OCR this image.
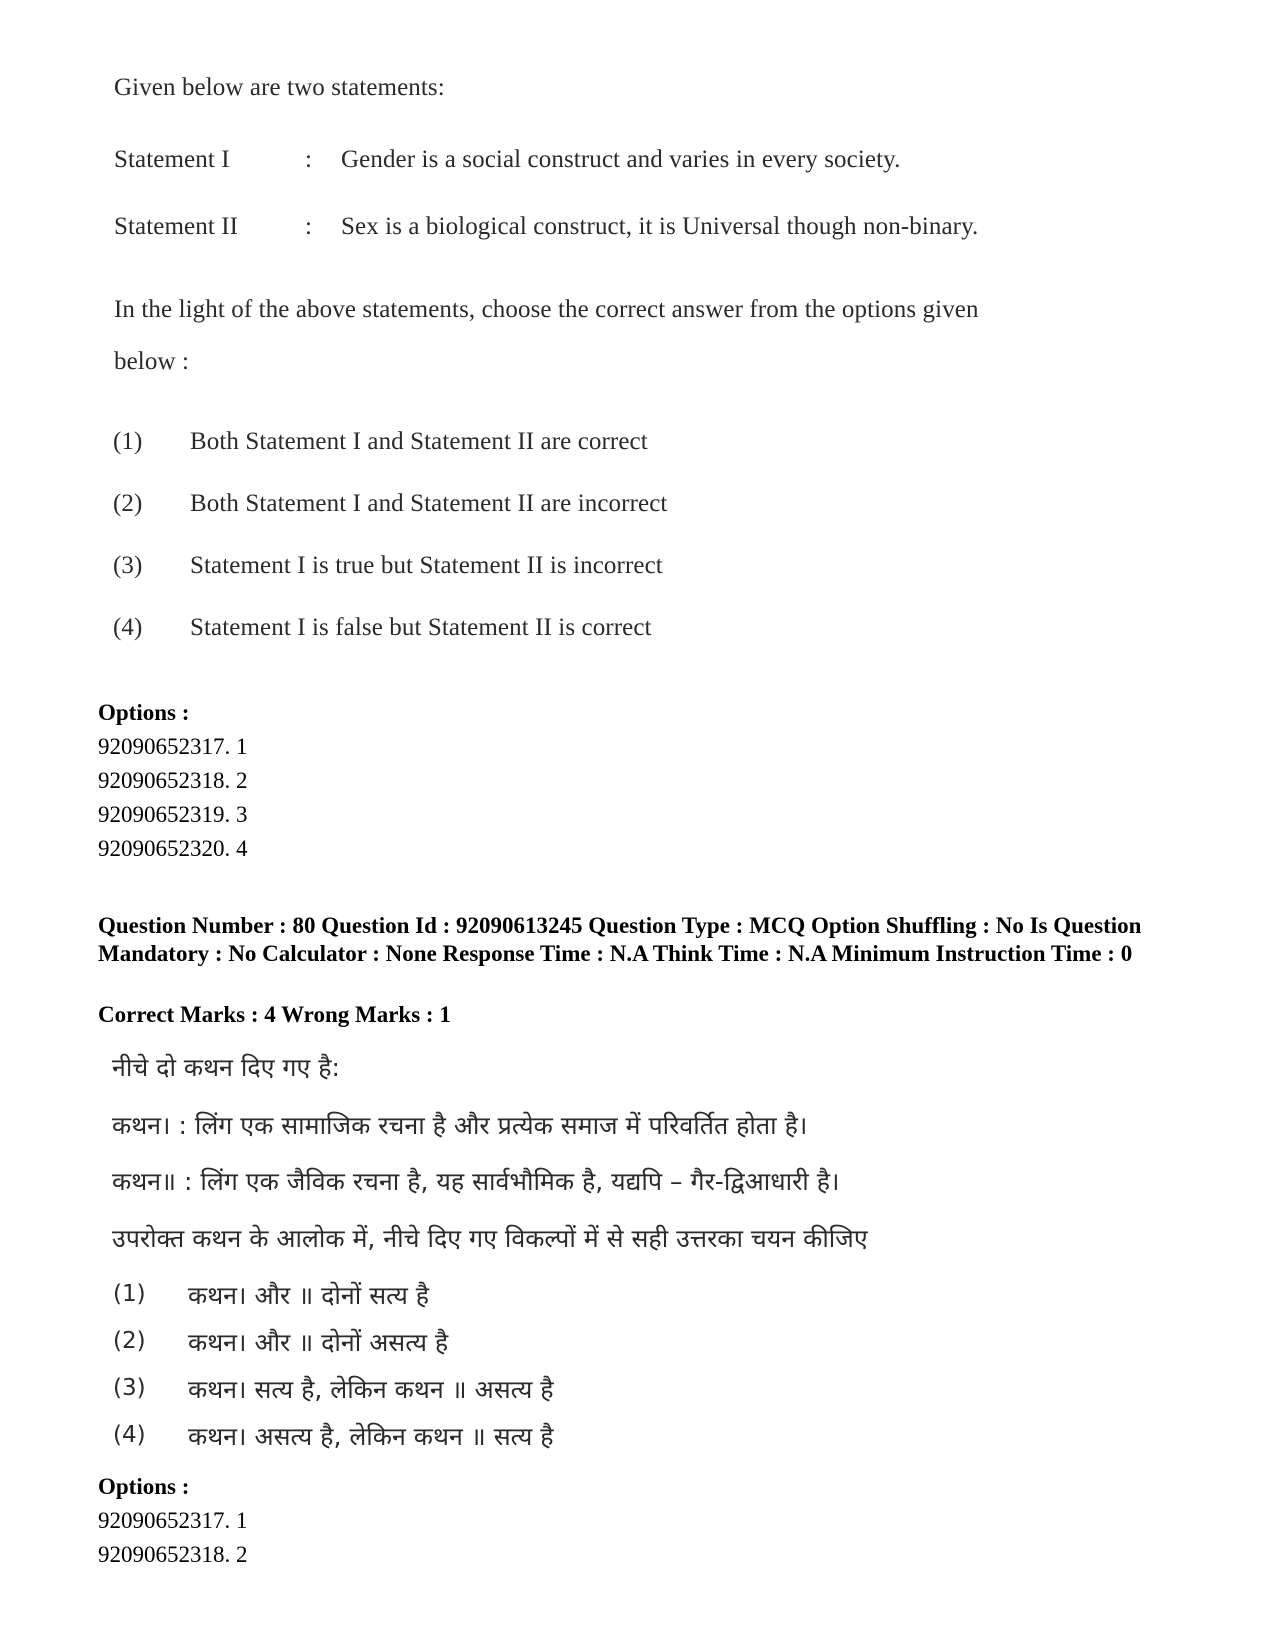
Given below are two statements:
Statement I	: Gender is a social construct and varies in every society.
Statement II	: Sex is a biological construct, it is Universal though non-binary.
In the light of the above statements, choose the correct answer from the options given
below :
(1) Both Statement I and Statement II are correct
(2) Both Statement I and Statement II are incorrect
(3) Statement I is true but Statement II is incorrect
(4) Statement I is false but Statement II is correct
Options :
92090652317. 1
92090652318. 2
92090652319. 3
92090652320. 4
Question Number : 80 Question Id : 92090613245 Question Type : MCQ Option Shuffling : No Is Question Mandatory : No Calculator : None Response Time : N.A Think Time : N.A Minimum Instruction Time : 0
Correct Marks : 4 Wrong Marks : 1
नीचे दो कथन दिए गए है:
कथन। : लिंग एक सामाजिक रचना है और प्रत्येक समाज में परिवर्तित होता है।
कथन॥ : लिंग एक जैविक रचना है, यह सार्वभौमिक है, यद्यपि – गैर-द्विआधारी है।
उपरोक्त कथन के आलोक में, नीचे दिए गए विकल्पों में से सही उत्तरका चयन कीजिए
(1) कथन। और ॥ दोनों सत्य है
(2) कथन। और ॥ दोनों असत्य है
(3) कथन। सत्य है, लेकिन कथन ॥ असत्य है
(4) कथन। असत्य है, लेकिन कथन ॥ सत्य है
Options :
92090652317. 1
92090652318. 2
